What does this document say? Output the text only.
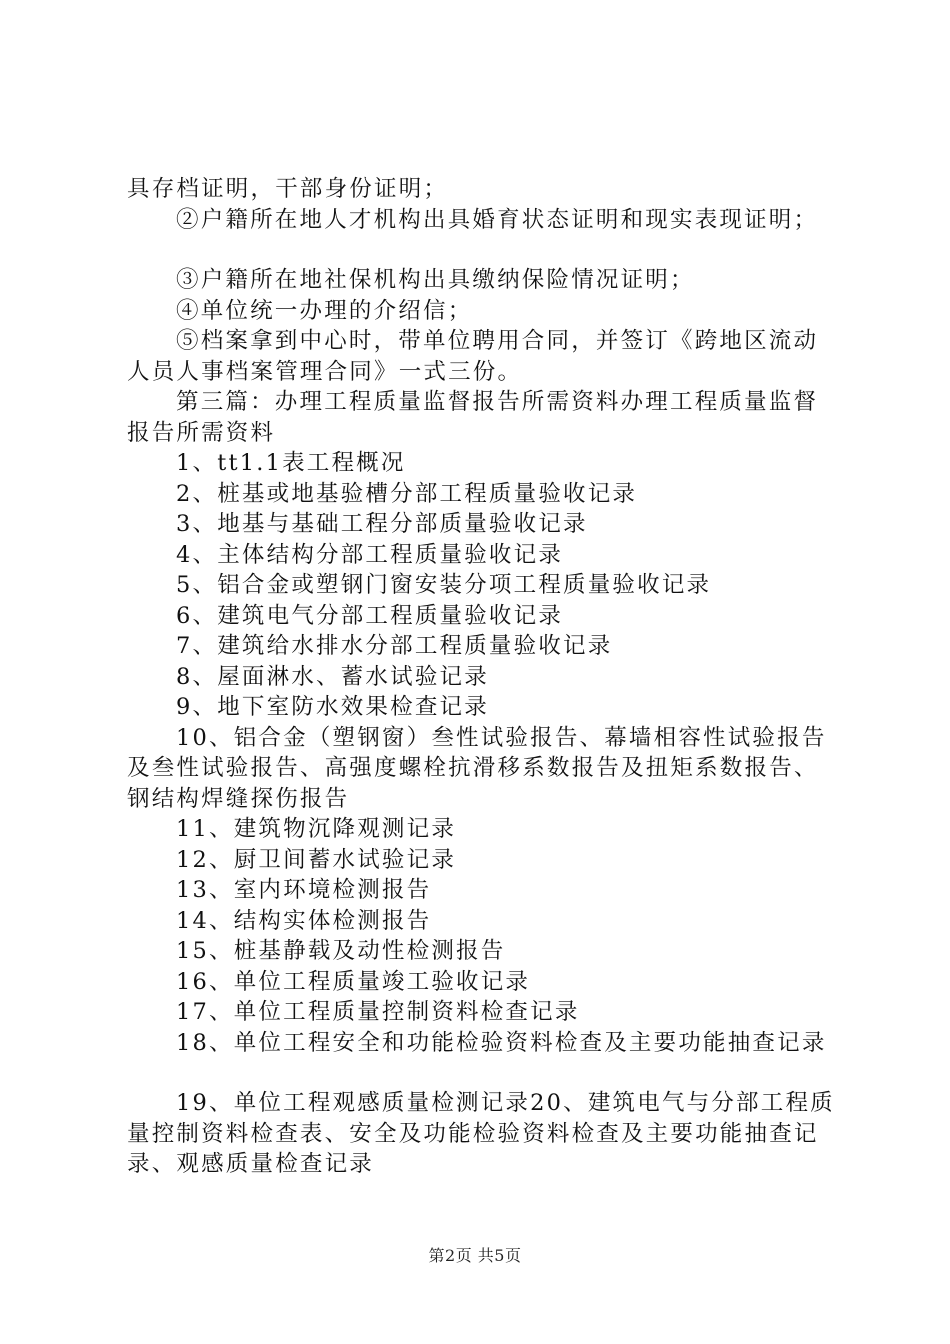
具存档证明，干部身份证明；

②户籍所在地人才机构出具婚育状态证明和现实表现证明；

③户籍所在地社保机构出具缴纳保险情况证明；

④单位统一办理的介绍信；

⑤档案拿到中心时，带单位聘用合同，并签订《跨地区流动人员人事档案管理合同》一式三份。

第三篇：办理工程质量监督报告所需资料办理工程质量监督报告所需资料

1、tt1.1表工程概况

2、桩基或地基验槽分部工程质量验收记录

3、地基与基础工程分部质量验收记录

4、主体结构分部工程质量验收记录

5、铝合金或塑钢门窗安装分项工程质量验收记录

6、建筑电气分部工程质量验收记录

7、建筑给水排水分部工程质量验收记录

8、屋面淋水、蓄水试验记录

9、地下室防水效果检查记录

10、铝合金（塑钢窗）叁性试验报告、幕墙相容性试验报告及叁性试验报告、高强度螺栓抗滑移系数报告及扭矩系数报告、钢结构焊缝探伤报告

11、建筑物沉降观测记录

12、厨卫间蓄水试验记录

13、室内环境检测报告

14、结构实体检测报告

15、桩基静载及动性检测报告

16、单位工程质量竣工验收记录

17、单位工程质量控制资料检查记录

18、单位工程安全和功能检验资料检查及主要功能抽查记录

19、单位工程观感质量检测记录20、建筑电气与分部工程质量控制资料检查表、安全及功能检验资料检查及主要功能抽查记录、观感质量检查记录

第2页 共5页
